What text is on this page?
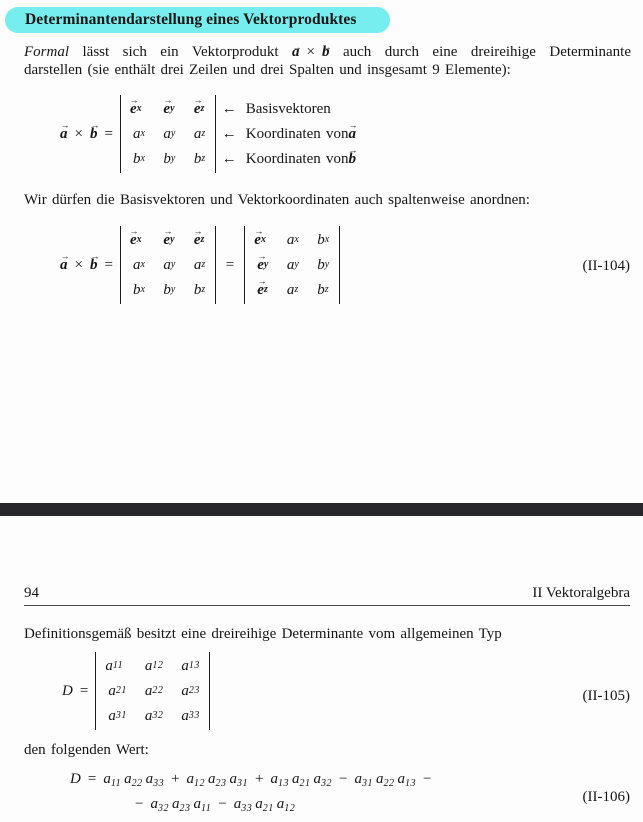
Determinantendarstellung eines Vektorproduktes

Formal lässt sich ein Vektorprodukt a → × b → auch durch eine dreireihige Determinante

darstellen (sie enthält drei Zeilen und drei Spalten und insgesamt 9 Elemente):

a → × b → =
e → x e → y e → z
a x a y a z
b x b y b z
← Basisvektoren
← Koordinaten von a →
← Koordinaten von b →

Wir dürfen die Basisvektoren und Vektorkoordinaten auch spaltenweise anordnen:

a → × b → =
e → x e → y e → z
a x a y a z
b x b y b z
=
e → x a x b x
e → y a y b y
e → z a z b z
(II-104)
94	II Vektoralgebra

Definitionsgemäß besitzt eine dreireihige Determinante vom allgemeinen Typ

D =
a 11 a 12 a 13
a 21 a 22 a 23
a 31 a 32 a 33
(II-105)

den folgenden Wert:

$D = a_{11}$ $a_{22}$ $a_{33} + a_{12}$ $a_{23}$ $a_{31} + a_{13}$ $a_{21}$ $a_{32} - a_{31}$ $a_{22}$ $a_{13}$ −
− $a_{32}$ $a_{23}$ $a_{11} - a_{33}$ $a_{21}$ $a_{12}$
(II-106)
